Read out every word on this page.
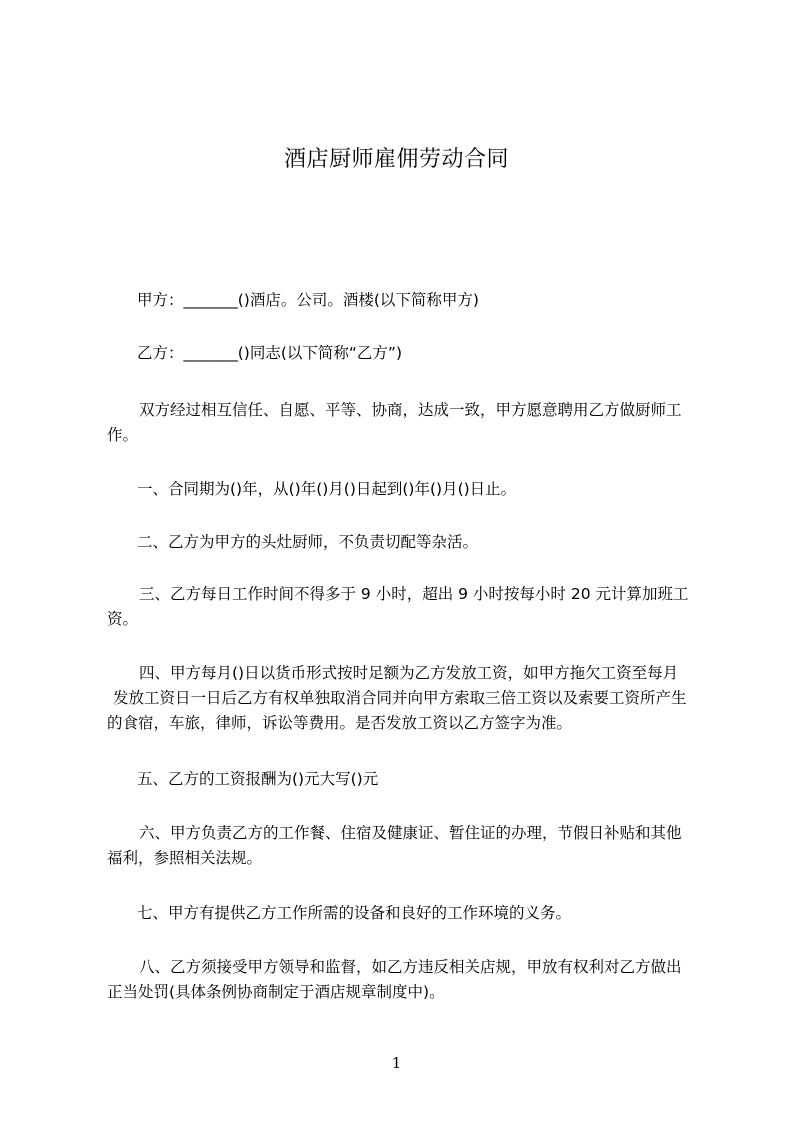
酒店厨师雇佣劳动合同
甲方：_______()酒店。公司。酒楼(以下简称甲方)
乙方：_______()同志(以下简称“乙方”)
双方经过相互信任、自愿、平等、协商，达成一致，甲方愿意聘用乙方做厨师工
作。
一、合同期为()年，从()年()月()日起到()年()月()日止。
二、乙方为甲方的头灶厨师，不负责切配等杂活。
三、乙方每日工作时间不得多于 9 小时，超出 9 小时按每小时 20 元计算加班工
资。
四、甲方每月()日以货币形式按时足额为乙方发放工资，如甲方拖欠工资至每月
发放工资日一日后乙方有权单独取消合同并向甲方索取三倍工资以及索要工资所产生
的食宿，车旅，律师，诉讼等费用。是否发放工资以乙方签字为准。
五、乙方的工资报酬为()元大写()元
六、甲方负责乙方的工作餐、住宿及健康证、暂住证的办理，节假日补贴和其他
福利，参照相关法规。
七、甲方有提供乙方工作所需的设备和良好的工作环境的义务。
八、乙方须接受甲方领导和监督，如乙方违反相关店规，甲放有权利对乙方做出
正当处罚(具体条例协商制定于酒店规章制度中)。
1
